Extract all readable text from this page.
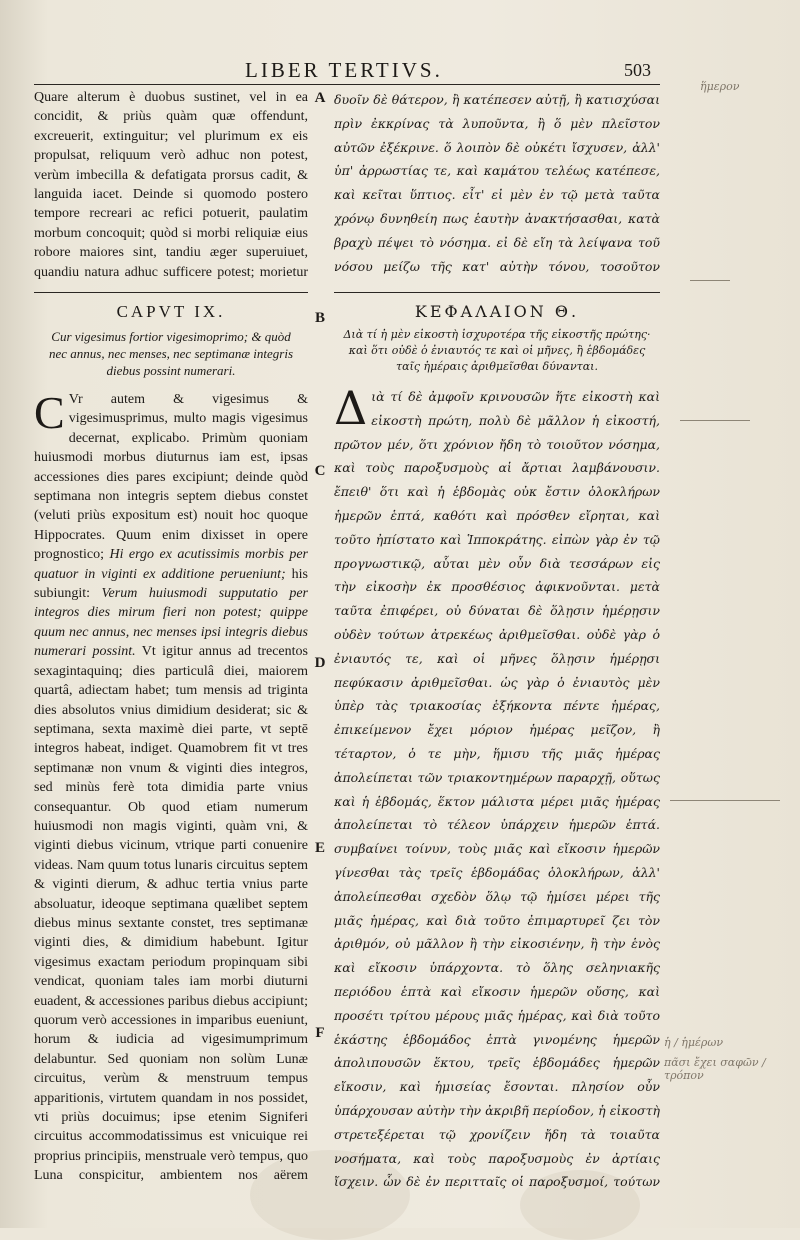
LIBER TERTIVS.	503
A
B
C
D
E
F
Quare alterum è duobus sustinet, vel in ea concidit, & priùs quàm quæ offendunt, excreuerit, extinguitur; vel plurimum ex eis propulsat, reliquum verò adhuc non potest, verùm imbecilla & defatigata prorsus cadit, & languida iacet. Deinde si quomodo postero tempore recreari ac refici potuerit, paulatim morbum concoquit; quòd si morbi reliquiæ eius robore maiores sint, tandiu æger superuiuet, quandiu natura adhuc sufficere potest; morietur
CAPVT IX.
Cur vigesimus fortior vigesimoprimo; & quòd nec annus, nec menses, nec septimanæ integris diebus possint numerari.
C Vr autem & vigesimus & vigesimusprimus, multo magis vigesimus decernat, explicabo. Primùm quoniam huiusmodi morbus diuturnus iam est, ipsas accessiones dies pares excipiunt; deinde quòd septimana non integris septem diebus constet (veluti priùs expositum est) nouit hoc quoque Hippocrates. Quum enim dixisset in opere prognostico; Hi ergo ex acutissimis morbis per quatuor in viginti ex additione perueniunt; his subiungit: Verum huiusmodi supputatio per integros dies mirum fieri non potest; quippe quum nec annus, nec menses ipsi integris diebus numerari possint. Vt igitur annus ad trecentos sexagintaquinq; dies particulâ diei, maiorem quartâ, adiectam habet; tum mensis ad triginta dies absolutos vnius dimidium desiderat; sic & septimana, sexta maximè diei parte, vt septē integros habeat, indiget. Quamobrem fit vt tres septimanæ non vnum & viginti dies integros, sed minùs ferè tota dimidia parte vnius consequantur. Ob quod etiam numerum huiusmodi non magis viginti, quàm vni, & viginti diebus vicinum, vtrique parti conuenire videas. Nam quum totus lunaris circuitus septem & viginti dierum, & adhuc tertia vnius parte absoluatur, ideoque septimana quælibet septem diebus minus sextante constet, tres septimanæ viginti dies, & dimidium habebunt. Igitur vigesimus exactam periodum propinquam sibi vendicat, quoniam tales iam morbi diuturni euadent, & accessiones paribus diebus accipiunt; quorum verò accessiones in imparibus eueniunt, horum & iudicia ad vigesimumprimum delabuntur. Sed quoniam non solùm Lunæ circuitus, verùm & menstruum tempus apparitionis, virtutem quandam in nos possidet, vti priùs docuimus; ipse etenim Signiferi circuitus accommodatissimus est vnicuique rei proprius principiis, menstruale verò tempus, quo Luna conspicitur, ambientem nos aërem
δυοῖν δὲ θάτερον, ἢ κατέπεσεν αὐτῇ, ἢ κατισχύσαι πρὶν ἐκκρίνας τὰ λυποῦντα, ἢ ὅ μὲν πλεῖστον αὐτῶν ἐξέκρινε. ὅ λοιπὸν δὲ οὐκέτι ἴσχυσεν, ἀλλ' ὑπ' ἀρρωστίας τε, καὶ καμάτου τελέως κατέπεσε, καὶ κεῖται ὕπτιος. εἶτ' εἰ μὲν ἐν τῷ μετὰ ταῦτα χρόνῳ δυνηθείη πως ἑαυτὴν ἀνακτήσασθαι, κατὰ βραχὺ πέψει τὸ νόσημα. εἰ δὲ εἴη τὰ λείψανα τοῦ νόσου μείζω τῆς κατ' αὐτὴν τόνου, τοσοῦτον
ΚΕΦΑΛΑΙΟΝ Θ.
Διὰ τί ἡ μὲν εἰκοστὴ ἰσχυροτέρα τῆς εἰκοστῆς πρώτης· καὶ ὅτι οὐδὲ ὁ ἐνιαυτός τε καὶ οἱ μῆνες, ἢ ἑβδομάδες ταῖς ἡμέραις ἀριθμεῖσθαι δύνανται.
Διὰ τί δὲ ἀμφοῖν κρινουσῶν ἥτε εἰκοστὴ καὶ εἰκοστὴ πρώτη, πολὺ δὲ μᾶλλον ἡ εἰκοστή, πρῶτον μέν, ὅτι χρόνιον ἤδη τὸ τοιοῦτον νόσημα, καὶ τοὺς παροξυσμοὺς αἱ ἄρτιαι λαμβάνουσιν. ἔπειθ' ὅτι καὶ ἡ ἑβδομὰς οὐκ ἔστιν ὁλοκλήρων ἡμερῶν ἑπτά, καθότι καὶ πρόσθεν εἴρηται, καὶ τοῦτο ἠπίστατο καὶ Ἱπποκράτης. εἰπὼν γὰρ ἐν τῷ προγνωστικῷ, αὗται μὲν οὖν διὰ τεσσάρων εἰς τὴν εἰκοσὴν ἐκ προσθέσιος ἀφικνοῦνται. μετὰ ταῦτα ἐπιφέρει, οὐ δύναται δὲ ὅλῃσιν ἡμέρῃσιν οὐδὲν τούτων ἀτρεκέως ἀριθμεῖσθαι. οὐδὲ γὰρ ὁ ἐνιαυτός τε, καὶ οἱ μῆνες ὅλῃσιν ἡμέρῃσι πεφύκασιν ἀριθμεῖσθαι. ὡς γὰρ ὁ ἐνιαυτὸς μὲν ὑπὲρ τὰς τριακοσίας ἑξήκοντα πέντε ἡμέρας, ἐπικείμενον ἔχει μόριον ἡμέρας μεῖζον, ἢ τέταρτον, ὁ τε μὴν, ἥμισυ τῆς μιᾶς ἡμέρας ἀπολείπεται τῶν τριακοντημέρων παραρχῇ, οὕτως καὶ ἡ ἑβδομάς, ἕκτον μάλιστα μέρει μιᾶς ἡμέρας ἀπολείπεται τὸ τέλεον ὑπάρχειν ἡμερῶν ἑπτά. συμβαίνει τοίνυν, τοὺς μιᾶς καὶ εἴκοσιν ἡμερῶν γίνεσθαι τὰς τρεῖς ἑβδομάδας ὁλοκλήρων, ἀλλ' ἀπολείπεσθαι σχεδὸν ὅλῳ τῷ ἡμίσει μέρει τῆς μιᾶς ἡμέρας, καὶ διὰ τοῦτο ἐπιμαρτυρεῖ ζει τὸν ἀριθμόν, οὐ μᾶλλον ἢ τὴν εἰκοσιένην, ἢ τὴν ἑνὸς καὶ εἴκοσιν ὑπάρχοντα. τὸ ὅλης σεληνιακῆς περιόδου ἑπτὰ καὶ εἴκοσιν ἡμερῶν οὔσης, καὶ προσέτι τρίτου μέρους μιᾶς ἡμέρας, καὶ διὰ τοῦτο ἑκάστης ἑβδομάδος ἑπτὰ γινομένης ἡμερῶν ἀπολιπουσῶν ἕκτου, τρεῖς ἑβδομάδες ἡμερῶν εἴκοσιν, καὶ ἡμισείας ἔσονται. πλησίον οὖν ὑπάρχουσαν αὐτὴν τὴν ἀκριβῆ περίοδον, ἡ εἰκοστὴ στρετεξέρεται τῷ χρονίζειν ἤδη τὰ τοιαῦτα νοσήματα, καὶ τοὺς παροξυσμοὺς ἐν ἀρτίαις ἴσχειν. ὧν δὲ ἐν περιτταῖς οἱ παροξυσμοί, τούτων
ἥμερον
ἡ / ἡμέρων
πᾶσι ἔχει σαφῶν / τρόπον
